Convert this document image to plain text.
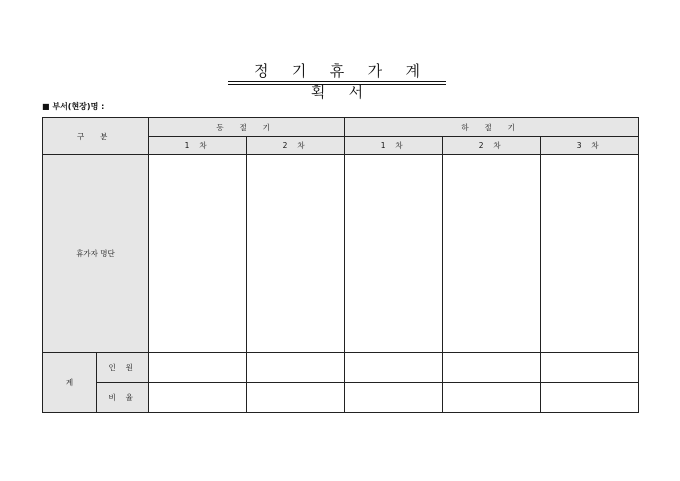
정 기 휴 가 계 획 서
■ 부서(현장)명 :
구 분		동 절 기		하 절 기		
		1 차	2 차	1 차	2 차	3 차
휴가자 명단						
계	인 원					
	비 율					
